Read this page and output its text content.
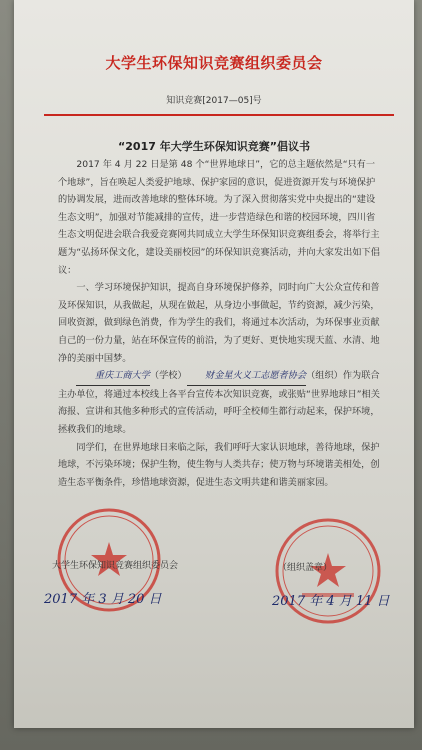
大学生环保知识竞赛组织委员会
知识竞赛[2017—05]号
“2017 年大学生环保知识竞赛”倡议书

2017 年 4 月 22 日是第 48 个“世界地球日”，它的总主题依然是“只有一个地球”，旨在唤起人类爱护地球、保护家园的意识，促进资源开发与环境保护的协调发展，进而改善地球的整体环境。为了深入贯彻落实党中央提出的“建设生态文明”，加强对节能减排的宣传，进一步营造绿色和谐的校园环境，四川省生态文明促进会联合我爱竞赛网共同成立大学生环保知识竞赛组委会，将举行主题为“弘扬环保文化，建设美丽校园”的环保知识竞赛活动，并向大家发出如下倡议：

一、学习环境保护知识，提高自身环境保护修养，同时向广大公众宣传和普及环保知识，从我做起，从现在做起，从身边小事做起，节约资源，减少污染，回收资源，做到绿色消费，作为学生的我们，将通过本次活动，为环保事业贡献自己的一份力量，站在环保宣传的前沿，为了更好、更快地实现天蓝、水清、地净的美丽中国梦。

重庆工商大学（学校） 财金星火义工志愿者协会（组织）作为联合主办单位，将通过本校线上各平台宣传本次知识竞赛，或张贴“世界地球日”相关海报、宣讲和其他多种形式的宣传活动，呼吁全校师生都行动起来，保护环境，拯救我们的地球。

同学们，在世界地球日来临之际，我们呼吁大家认识地球，善待地球，保护地球，不污染环境；保护生物，使生物与人类共存；使万物与环境谐美相处，创造生态平衡条件，珍惜地球资源，促进生态文明共建和谐美丽家园。

大学生环保知识竞赛组织委员会
2017 年 3 月 20 日
（组织盖章）
2017 年 4 月 11 日
